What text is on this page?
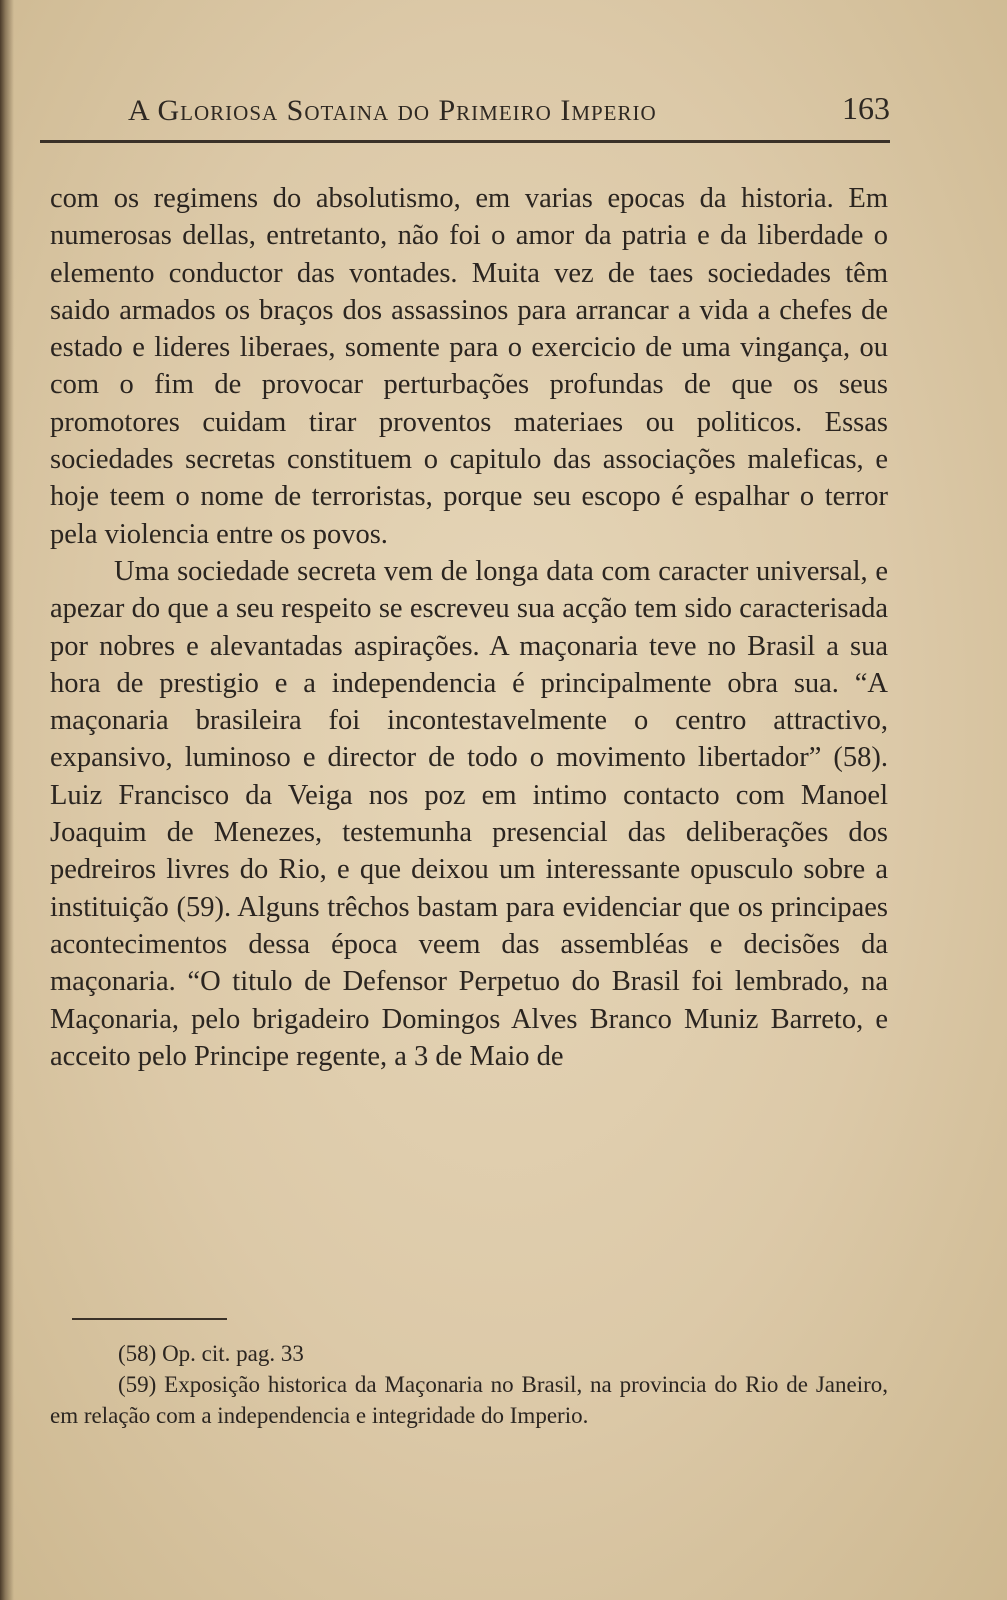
A Gloriosa Sotaina do Primeiro Imperio	163

com os regimens do absolutismo, em varias epocas da historia. Em numerosas dellas, entretanto, não foi o amor da patria e da liberdade o elemento conductor das vontades. Muita vez de taes sociedades têm saido armados os braços dos assassinos para arrancar a vida a chefes de estado e lideres liberaes, somente para o exercicio de uma vingança, ou com o fim de provocar perturbações profundas de que os seus promotores cuidam tirar proventos materiaes ou politicos. Essas sociedades secretas constituem o capitulo das associações maleficas, e hoje teem o nome de terroristas, porque seu escopo é espalhar o terror pela violencia entre os povos.

Uma sociedade secreta vem de longa data com caracter universal, e apezar do que a seu respeito se escreveu sua acção tem sido caracterisada por nobres e alevantadas aspirações. A maçonaria teve no Brasil a sua hora de prestigio e a independencia é principalmente obra sua. “A maçonaria brasileira foi incontestavelmente o centro attractivo, expansivo, luminoso e director de todo o movimento libertador” (58). Luiz Francisco da Veiga nos poz em intimo contacto com Manoel Joaquim de Menezes, testemunha presencial das deliberações dos pedreiros livres do Rio, e que deixou um interessante opusculo sobre a instituição (59). Alguns trêchos bastam para evidenciar que os principaes acontecimentos dessa época veem das assembléas e decisões da maçonaria. “O titulo de Defensor Perpetuo do Brasil foi lembrado, na Maçonaria, pelo brigadeiro Domingos Alves Branco Muniz Barreto, e acceito pelo Principe regente, a 3 de Maio de

(58) Op. cit. pag. 33

(59) Exposição historica da Maçonaria no Brasil, na provincia do Rio de Janeiro, em relação com a independencia e integridade do Imperio.
